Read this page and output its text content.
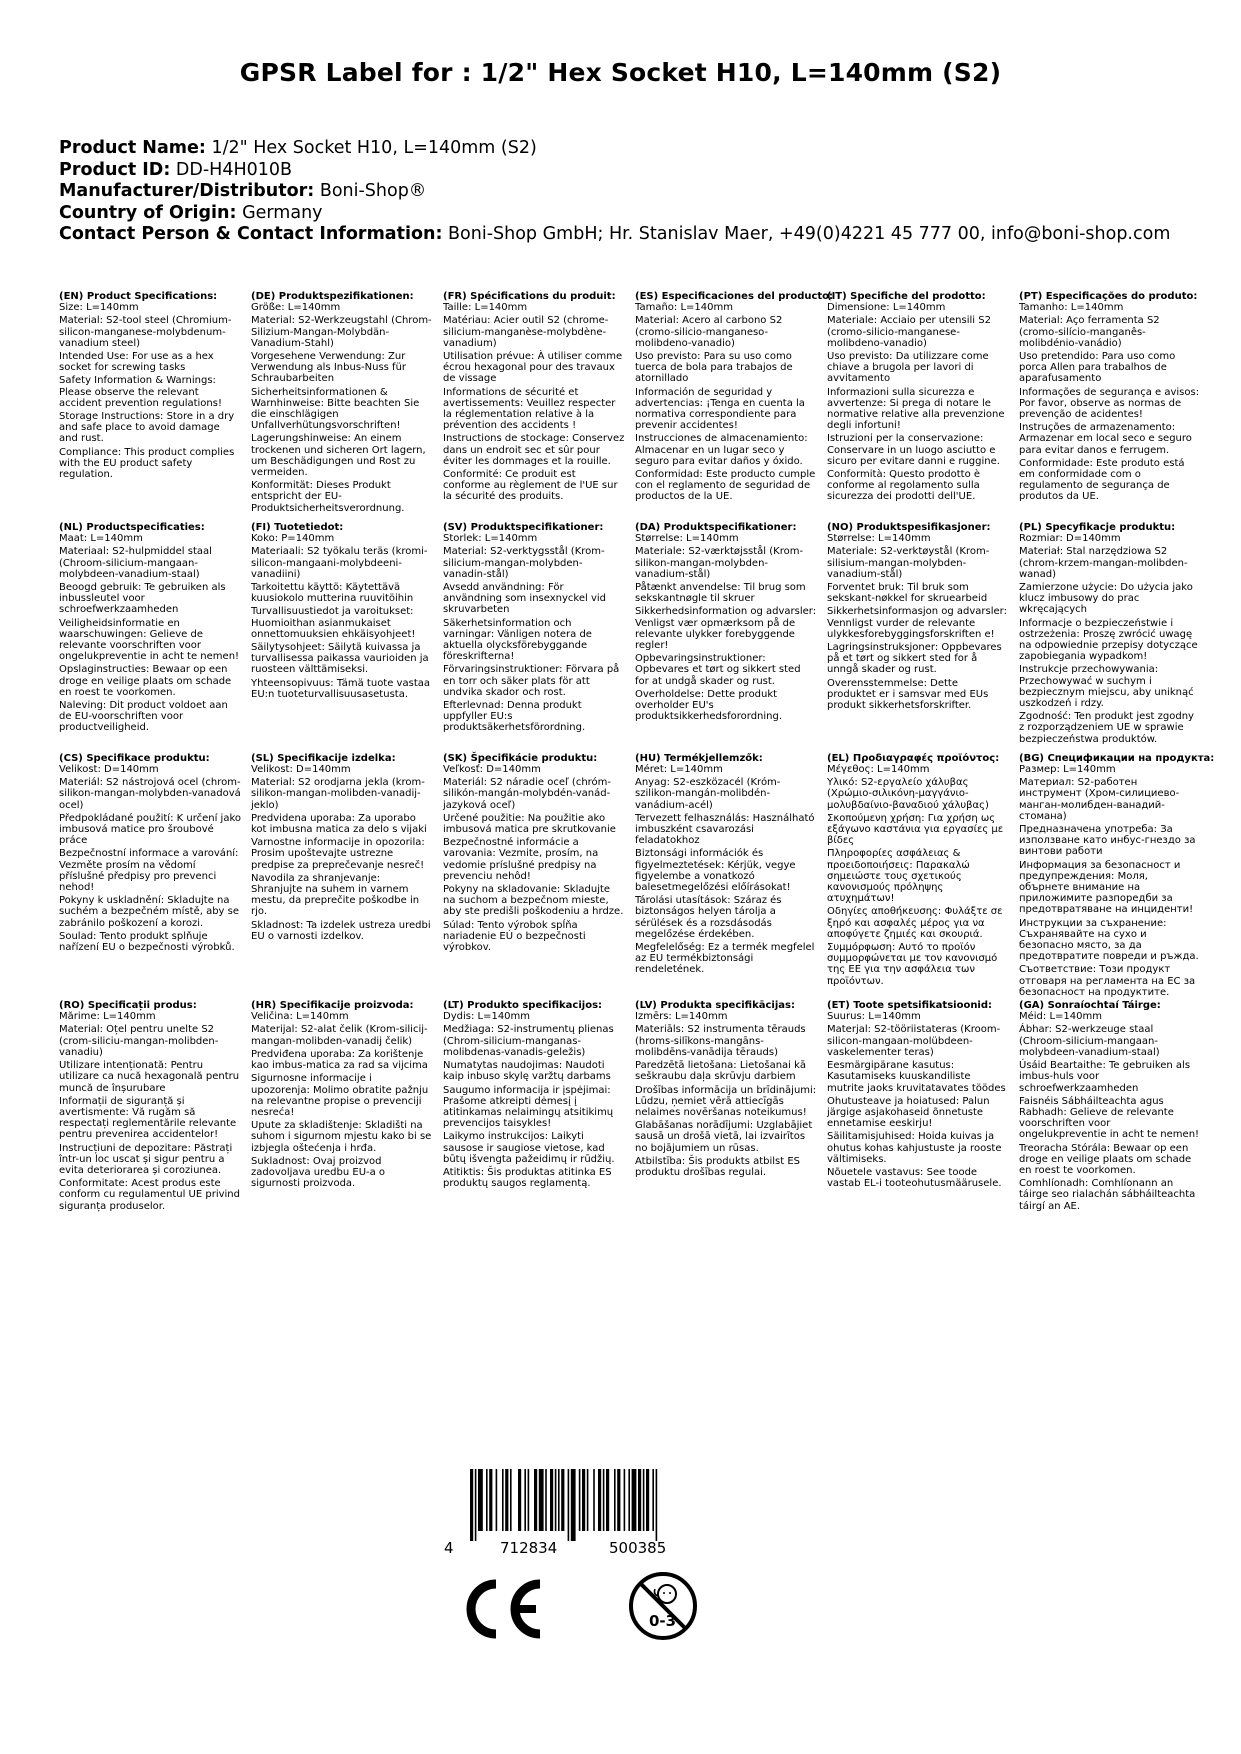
GPSR Label for : 1/2" Hex Socket H10, L=140mm (S2)
Product Name: 1/2" Hex Socket H10, L=140mm (S2)
Product ID: DD-H4H010B
Manufacturer/Distributor: Boni-Shop®
Country of Origin: Germany
Contact Person & Contact Information: Boni-Shop GmbH; Hr. Stanislav Maer, +49(0)4221 45 777 00, info@boni-shop.com
(EN) Product Specifications:
Size: L=140mm
Material: S2-tool steel (Chromium-silicon-manganese-molybdenum-vanadium steel)
Intended Use: For use as a hex socket for screwing tasks
Safety Information & Warnings: Please observe the relevant accident prevention regulations!
Storage Instructions: Store in a dry and safe place to avoid damage and rust.
Compliance: This product complies with the EU product safety regulation.
(DE) Produktspezifikationen:
Größe: L=140mm
Material: S2-Werkzeugstahl (Chrom-Silizium-Mangan-Molybdän-Vanadium-Stahl)
Vorgesehene Verwendung: Zur Verwendung als Inbus-Nuss für Schraubarbeiten
Sicherheitsinformationen & Warnhinweise: Bitte beachten Sie die einschlägigen Unfallverhütungsvorschriften!
Lagerungshinweise: An einem trockenen und sicheren Ort lagern, um Beschädigungen und Rost zu vermeiden.
Konformität: Dieses Produkt entspricht der EU-Produktsicherheitsverordnung.
(FR) Spécifications du produit:
Taille: L=140mm
Matériau: Acier outil S2 (chrome-silicium-manganèse-molybdène-vanadium)
Utilisation prévue: À utiliser comme écrou hexagonal pour des travaux de vissage
Informations de sécurité et avertissements: Veuillez respecter la réglementation relative à la prévention des accidents !
Instructions de stockage: Conservez dans un endroit sec et sûr pour éviter les dommages et la rouille.
Conformité: Ce produit est conforme au règlement de l'UE sur la sécurité des produits.
(ES) Especificaciones del producto:
Tamaño: L=140mm
Material: Acero al carbono S2 (cromo-silicio-manganeso-molibdeno-vanadio)
Uso previsto: Para su uso como tuerca de bola para trabajos de atornillado
Información de seguridad y advertencias: ¡Tenga en cuenta la normativa correspondiente para prevenir accidentes!
Instrucciones de almacenamiento: Almacenar en un lugar seco y seguro para evitar daños y óxido.
Conformidad: Este producto cumple con el reglamento de seguridad de productos de la UE.
(IT) Specifiche del prodotto:
Dimensione: L=140mm
Materiale: Acciaio per utensili S2 (cromo-silicio-manganese-molibdeno-vanadio)
Uso previsto: Da utilizzare come chiave a brugola per lavori di avvitamento
Informazioni sulla sicurezza e avvertenze: Si prega di notare le normative relative alla prevenzione degli infortuni!
Istruzioni per la conservazione: Conservare in un luogo asciutto e sicuro per evitare danni e ruggine.
Conformità: Questo prodotto è conforme al regolamento sulla sicurezza dei prodotti dell'UE.
(PT) Especificações do produto:
Tamanho: L=140mm
Material: Aço ferramenta S2 (cromo-silício-manganês-molibdénio-vanádio)
Uso pretendido: Para uso como porca Allen para trabalhos de aparafusamento
Informações de segurança e avisos: Por favor, observe as normas de prevenção de acidentes!
Instruções de armazenamento: Armazenar em local seco e seguro para evitar danos e ferrugem.
Conformidade: Este produto está em conformidade com o regulamento de segurança de produtos da UE.
(NL) Productspecificaties:
Maat: L=140mm
Materiaal: S2-hulpmiddel staal (Chroom-silicium-mangaan-molybdeen-vanadium-staal)
Beoogd gebruik: Te gebruiken als inbussleutel voor schroefwerkzaamheden
Veiligheidsinformatie en waarschuwingen: Gelieve de relevante voorschriften voor ongelukpreventie in acht te nemen!
Opslaginstructies: Bewaar op een droge en veilige plaats om schade en roest te voorkomen.
Naleving: Dit product voldoet aan de EU-voorschriften voor productveiligheid.
(FI) Tuotetiedot:
Koko: P=140mm
Materiaali: S2 työkalu teräs (kromi-silicon-mangaani-molybdeeni-vanadiini)
Tarkoitettu käyttö: Käytettävä kuusiokolo mutterina ruuvitöihin
Turvallisuustiedot ja varoitukset: Huomioithan asianmukaiset onnettomuuksien ehkäisyohjeet!
Säilytysohjeet: Säilytä kuivassa ja turvallisessa paikassa vaurioiden ja ruosteen välttämiseksi.
Yhteensopivuus: Tämä tuote vastaa EU:n tuoteturvallisuusasetusta.
(SV) Produktspecifikationer:
Storlek: L=140mm
Material: S2-verktygsstål (Krom-silicium-mangan-molybden-vanadin-stål)
Avsedd användning: För användning som insexnyckel vid skruvarbeten
Säkerhetsinformation och varningar: Vänligen notera de aktuella olycksförebyggande föreskrifterna!
Förvaringsinstruktioner: Förvara på en torr och säker plats för att undvika skador och rost.
Efterlevnad: Denna produkt uppfyller EU:s produktsäkerhetsförordning.
(DA) Produktspecifikationer:
Størrelse: L=140mm
Materiale: S2-værktøjsstål (Krom-silikon-mangan-molybden-vanadium-stål)
Påtænkt anvendelse: Til brug som sekskantnøgle til skruer
Sikkerhedsinformation og advarsler: Venligst vær opmærksom på de relevante ulykker forebyggende regler!
Opbevaringsinstruktioner: Opbevares et tørt og sikkert sted for at undgå skader og rust.
Overholdelse: Dette produkt overholder EU's produktsikkerhedsforordning.
(NO) Produktspesifikasjoner:
Størrelse: L=140mm
Materiale: S2-verktøystål (Krom-silisium-mangan-molybden-vanadium-stål)
Forventet bruk: Til bruk som sekskant-nøkkel for skruearbeid
Sikkerhetsinformasjon og advarsler: Vennligst vurder de relevante ulykkesforebyggingsforskriften e!
Lagringsinstruksjoner: Oppbevares på et tørt og sikkert sted for å unngå skader og rust.
Overensstemmelse: Dette produktet er i samsvar med EUs produkt sikkerhetsforskrifter.
(PL) Specyfikacje produktu:
Rozmiar: D=140mm
Materiał: Stal narzędziowa S2 (chrom-krzem-mangan-molibden-wanad)
Zamierzone użycie: Do użycia jako klucz imbusowy do prac wkręcających
Informacje o bezpieczeństwie i ostrzeżenia: Proszę zwrócić uwagę na odpowiednie przepisy dotyczące zapobiegania wypadkom!
Instrukcje przechowywania: Przechowywać w suchym i bezpiecznym miejscu, aby uniknąć uszkodzeń i rdzy.
Zgodność: Ten produkt jest zgodny z rozporządzeniem UE w sprawie bezpieczeństwa produktów.
(CS) Specifikace produktu:
Velikost: D=140mm
Materiál: S2 nástrojová ocel (chrom-silikon-mangan-molybden-vanadová ocel)
Předpokládané použití: K určení jako imbusová matice pro šroubové práce
Bezpečnostní informace a varování: Vezměte prosím na vědomí příslušné předpisy pro prevenci nehod!
Pokyny k uskladnění: Skladujte na suchém a bezpečném místě, aby se zabránilo poškození a korozi.
Soulad: Tento produkt splňuje nařízení EU o bezpečnosti výrobků.
(SL) Specifikacije izdelka:
Velikost: D=140mm
Material: S2 orodjarna jekla (krom-silikon-mangan-molibden-vanadij-jeklo)
Predvidena uporaba: Za uporabo kot imbusna matica za delo s vijaki
Varnostne informacije in opozorila: Prosim upoštevajte ustrezne predpise za preprečevanje nesreč!
Navodila za shranjevanje: Shranjujte na suhem in varnem mestu, da preprečite poškodbe in rjo.
Skladnost: Ta izdelek ustreza uredbi EU o varnosti izdelkov.
(SK) Špecifikácie produktu:
Veľkosť: D=140mm
Materiál: S2 náradie oceľ (chróm-silikón-mangán-molybdén-vanád-jazyková oceľ)
Určené použitie: Na použitie ako imbusová matica pre skrutkovanie
Bezpečnostné informácie a varovania: Vezmite, prosím, na vedomie príslušné predpisy na prevenciu nehôd!
Pokyny na skladovanie: Skladujte na suchom a bezpečnom mieste, aby ste predišli poškodeniu a hrdze.
Súlad: Tento výrobok spĺňa nariadenie EÚ o bezpečnosti výrobkov.
(HU) Termékjellemzők:
Méret: L=140mm
Anyag: S2-eszközacél (Króm-szilikon-mangán-molibdén-vanádium-acél)
Tervezett felhasználás: Használható imbuszként csavarozási feladatokhoz
Biztonsági információk és figyelmeztetések: Kérjük, vegye figyelembe a vonatkozó balesetmegelőzési előírásokat!
Tárolási utasítások: Száraz és biztonságos helyen tárolja a sérülések és a rozsdásodás megelőzése érdekében.
Megfelelőség: Ez a termék megfelel az EU termékbiztonsági rendeletének.
(EL) Προδιαγραφές προϊόντος:
Μέγεθος: L=140mm
Υλικό: S2-εργαλείο χάλυβας (Χρώμιο-σιλικόνη-μαγγάνιο-μολυβδαίνιο-βαναδιού χάλυβας)
Σκοπούμενη χρήση: Για χρήση ως εξάγωνο καστάνια για εργασίες με βίδες
Πληροφορίες ασφάλειας & προειδοποιήσεις: Παρακαλώ σημειώστε τους σχετικούς κανονισμούς πρόληψης ατυχημάτων!
Οδηγίες αποθήκευσης: Φυλάξτε σε ξηρό και ασφαλές μέρος για να αποφύγετε ζημιές και σκουριά.
Συμμόρφωση: Αυτό το προϊόν συμμορφώνεται με τον κανονισμό της ΕΕ για την ασφάλεια των προϊόντων.
(BG) Спецификации на продукта:
Размер: L=140mm
Материал: S2-работен инструмент (Хром-силициево-манган-молибден-ванадий-стомана)
Предназначена употреба: За използване като инбус-гнездо за винтови работи
Информация за безопасност и предупреждения: Моля, обърнете внимание на приложимите разпоредби за предотвратяване на инциденти!
Инструкции за съхранение: Съхранявайте на сухо и безопасно място, за да предотвратите повреди и ръжда.
Съответствие: Този продукт отговаря на регламента на ЕС за безопасност на продуктите.
(RO) Specificații produs:
Mărime: L=140mm
Material: Oțel pentru unelte S2 (crom-siliciu-mangan-molibden-vanadiu)
Utilizare intenționată: Pentru utilizare ca nucă hexagonală pentru muncă de înșurubare
Informații de siguranță și avertismente: Vă rugăm să respectați reglementările relevante pentru prevenirea accidentelor!
Instrucțiuni de depozitare: Păstrați într-un loc uscat și sigur pentru a evita deteriorarea și coroziunea.
Conformitate: Acest produs este conform cu regulamentul UE privind siguranța produselor.
(HR) Specifikacije proizvoda:
Veličina: L=140mm
Materijal: S2-alat čelik (Krom-silicij-mangan-molibden-vanadij čelik)
Predviđena uporaba: Za korištenje kao imbus-matica za rad sa vijcima
Sigurnosne informacije i upozorenja: Molimo obratite pažnju na relevantne propise o prevenciji nesreća!
Upute za skladištenje: Skladišti na suhom i sigurnom mjestu kako bi se izbjegla oštećenja i hrđa.
Sukladnost: Ovaj proizvod zadovoljava uredbu EU-a o sigurnosti proizvoda.
(LT) Produkto specifikacijos:
Dydis: L=140mm
Medžiaga: S2-instrumentų plienas (Chrom-silicium-manganas-molibdenas-vanadis-geležis)
Numatytas naudojimas: Naudoti kaip inbuso skylę varžtų darbams
Saugumo informacija ir įspėjimai: Prašome atkreipti dėmesį į atitinkamas nelaimingų atsitikimų prevencijos taisykles!
Laikymo instrukcijos: Laikyti sausose ir saugiose vietose, kad būtų išvengta pažeidimų ir rūdžių.
Atitiktis: Šis produktas atitinka ES produktų saugos reglamentą.
(LV) Produkta specifikācijas:
Izmērs: L=140mm
Materiāls: S2 instrumenta tērauds (hroms-silīkons-mangāns-molibdēns-vanādija tērauds)
Paredzētā lietošana: Lietošanai kā seškraubu daļa skrūvju darbiem
Drošības informācija un brīdinājumi: Lūdzu, ņemiet vērā attiecīgās nelaimes novēršanas noteikumus!
Glabāšanas norādījumi: Uzglabājiet sausā un drošā vietā, lai izvairītos no bojājumiem un rūsas.
Atbilstība: Šis produkts atbilst ES produktu drošības regulai.
(ET) Toote spetsifikatsioonid:
Suurus: L=140mm
Materjal: S2-tööriistateras (Kroom-silicon-mangaan-molübdeen-vaskelementer teras)
Eesmärgipärane kasutus: Kasutamiseks kuuskandiliste mutrite jaoks kruvitatavates töödes
Ohutusteave ja hoiatused: Palun järgige asjakohaseid õnnetuste ennetamise eeskirju!
Säilitamisjuhised: Hoida kuivas ja ohutus kohas kahjustuste ja rooste vältimiseks.
Nõuetele vastavus: See toode vastab EL-i tooteohutusmäärusele.
(GA) Sonraíochtaí Táirge:
Méid: L=140mm
Ábhar: S2-werkzeuge staal (Chroom-silicium-mangaan-molybdeen-vanadium-staal)
Úsáid Beartaithe: Te gebruiken als imbus-huls voor schroefwerkzaamheden
Faisnéis Sábháilteachta agus Rabhadh: Gelieve de relevante voorschriften voor ongelukpreventie in acht te nemen!
Treoracha Stórála: Bewaar op een droge en veilige plaats om schade en roest te voorkomen.
Comhlíonadh: Comhlíonann an táirge seo rialachán sábháilteachta táirgí an AE.
4	712834	500385
0-3
